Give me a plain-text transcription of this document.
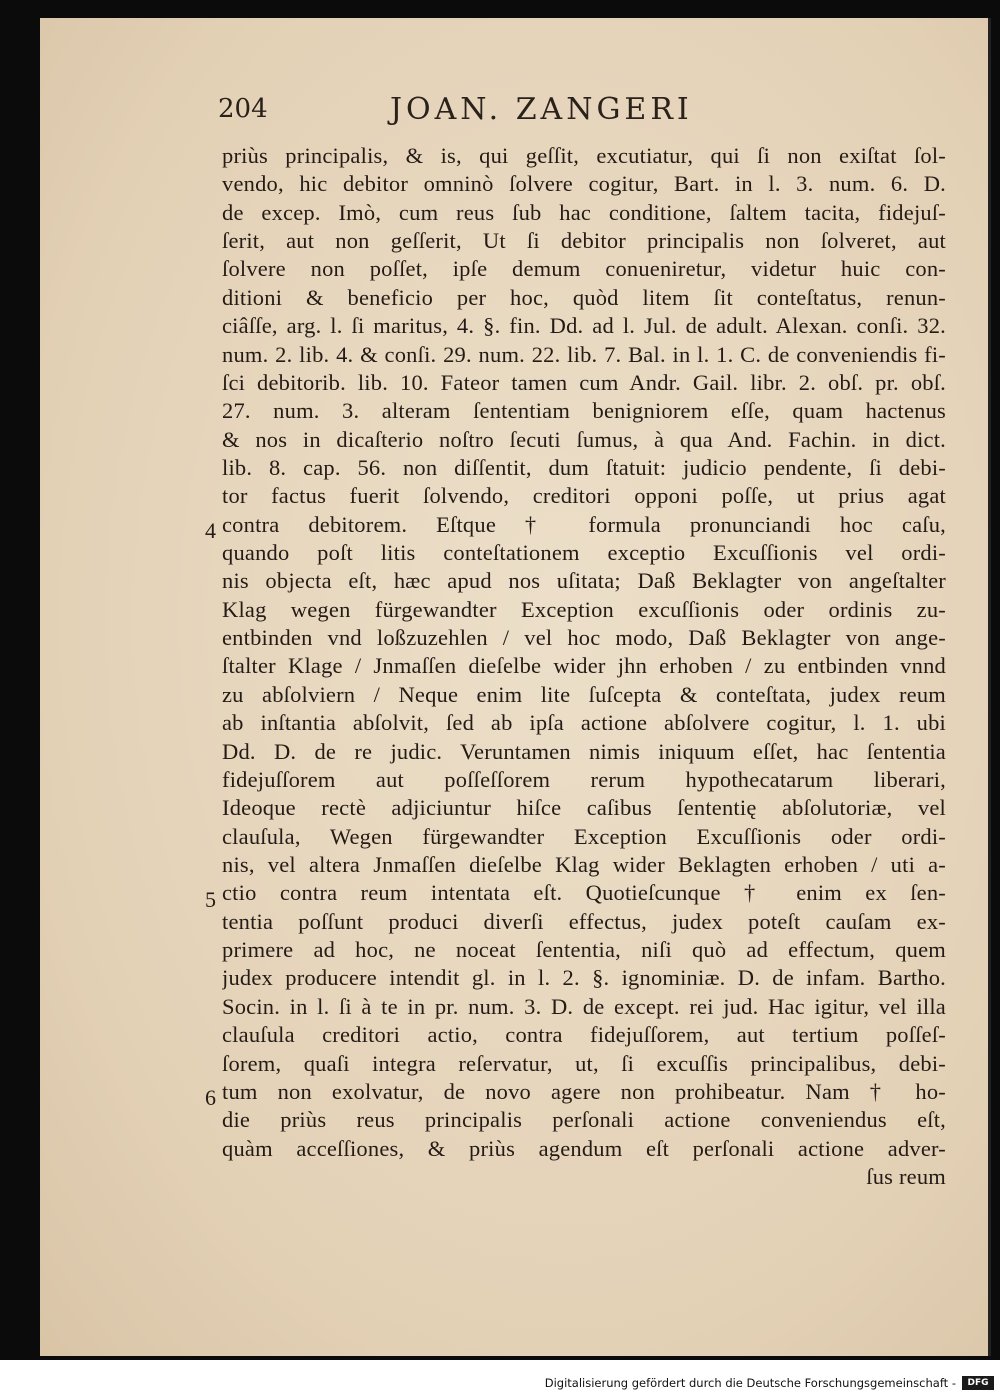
204	JOAN. ZANGERI
4
5
6
priùs principalis, & is, qui geſſit, excutiatur, qui ſi non exiſtat ſol-
vendo, hic debitor omninò ſolvere cogitur, Bart. in l. 3. num. 6. D.
de excep. Imò, cum reus ſub hac conditione, ſaltem tacita, fidejuſ-
ſerit, aut non geſſerit, Ut ſi debitor principalis non ſolveret, aut
ſolvere non poſſet, ipſe demum conueniretur, videtur huic con-
ditioni & beneficio per hoc, quòd litem ſit conteſtatus, renun-
ciâſſe, arg. l. ſi maritus, 4. §. fin. Dd. ad l. Jul. de adult. Alexan. conſi. 32.
num. 2. lib. 4. & conſi. 29. num. 22. lib. 7. Bal. in l. 1. C. de conveniendis fi-
ſci debitorib. lib. 10. Fateor tamen cum Andr. Gail. libr. 2. obſ. pr. obſ.
27. num. 3. alteram ſententiam benigniorem eſſe, quam hactenus
& nos in dicaſterio noſtro ſecuti ſumus, à qua And. Fachin. in dict.
lib. 8. cap. 56. non diſſentit, dum ſtatuit: judicio pendente, ſi debi-
tor factus fuerit ſolvendo, creditori opponi poſſe, ut prius agat
contra debitorem. Eſtque † formula pronunciandi hoc caſu,
quando poſt litis conteſtationem exceptio Excuſſionis vel ordi-
nis objecta eſt, hæc apud nos uſitata; Daß Beklagter von angeſtalter
Klag wegen fürgewandter Exception excuſſionis oder ordinis zu-
entbinden vnd loßzuzehlen / vel hoc modo, Daß Beklagter von ange-
ſtalter Klage / Jnmaſſen dieſelbe wider jhn erhoben / zu entbinden vnnd
zu abſolviern / Neque enim lite ſuſcepta & conteſtata, judex reum
ab inſtantia abſolvit, ſed ab ipſa actione abſolvere cogitur, l. 1. ubi
Dd. D. de re judic. Veruntamen nimis iniquum eſſet, hac ſententia
fidejuſſorem aut poſſeſſorem rerum hypothecatarum liberari,
Ideoque rectè adjiciuntur hiſce caſibus ſententię abſolutoriæ, vel
clauſula, Wegen fürgewandter Exception Excuſſionis oder ordi-
nis, vel altera Jnmaſſen dieſelbe Klag wider Beklagten erhoben / uti a-
ctio contra reum intentata eſt. Quotieſcunque † enim ex ſen-
tentia poſſunt produci diverſi effectus, judex poteſt cauſam ex-
primere ad hoc, ne noceat ſententia, niſi quò ad effectum, quem
judex producere intendit gl. in l. 2. §. ignominiæ. D. de infam. Bartho.
Socin. in l. ſi à te in pr. num. 3. D. de except. rei jud. Hac igitur, vel illa
clauſula creditori actio, contra fidejuſſorem, aut tertium poſſeſ-
ſorem, quaſi integra reſervatur, ut, ſi excuſſis principalibus, debi-
tum non exolvatur, de novo agere non prohibeatur. Nam † ho-
die priùs reus principalis perſonali actione conveniendus eſt,
quàm acceſſiones, & priùs agendum eſt perſonali actione adver-
ſus reum
Digitalisierung gefördert durch die Deutsche Forschungsgemeinschaft -	DFG
